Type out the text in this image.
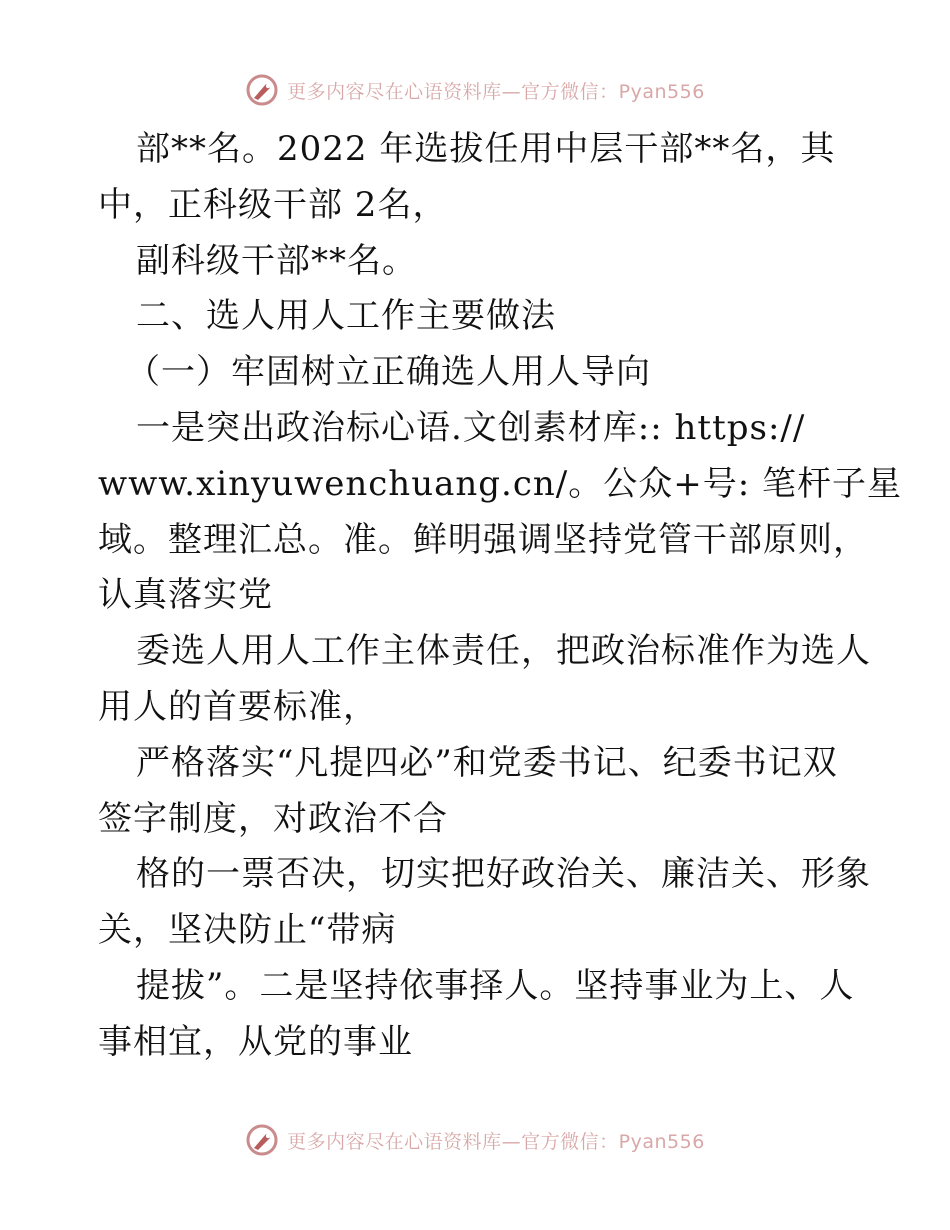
更多内容尽在心语资料库—官方微信：Pyan556
部**名。2022 年选拔任用中层干部**名，其
中，正科级干部 2名，
副科级干部**名。
二、选人用人工作主要做法
（一）牢固树立正确选人用人导向
一是突出政治标心语.文创素材库:: https://
www.xinyuwenchuang.cn/。公众+号: 笔杆子星
域。整理汇总。准。鲜明强调坚持党管干部原则，
认真落实党
委选人用人工作主体责任，把政治标准作为选人
用人的首要标准，
严格落实“凡提四必”和党委书记、纪委书记双
签字制度，对政治不合
格的一票否决，切实把好政治关、廉洁关、形象
关，坚决防止“带病
提拔”。二是坚持依事择人。坚持事业为上、人
事相宜，从党的事业
更多内容尽在心语资料库—官方微信：Pyan556
